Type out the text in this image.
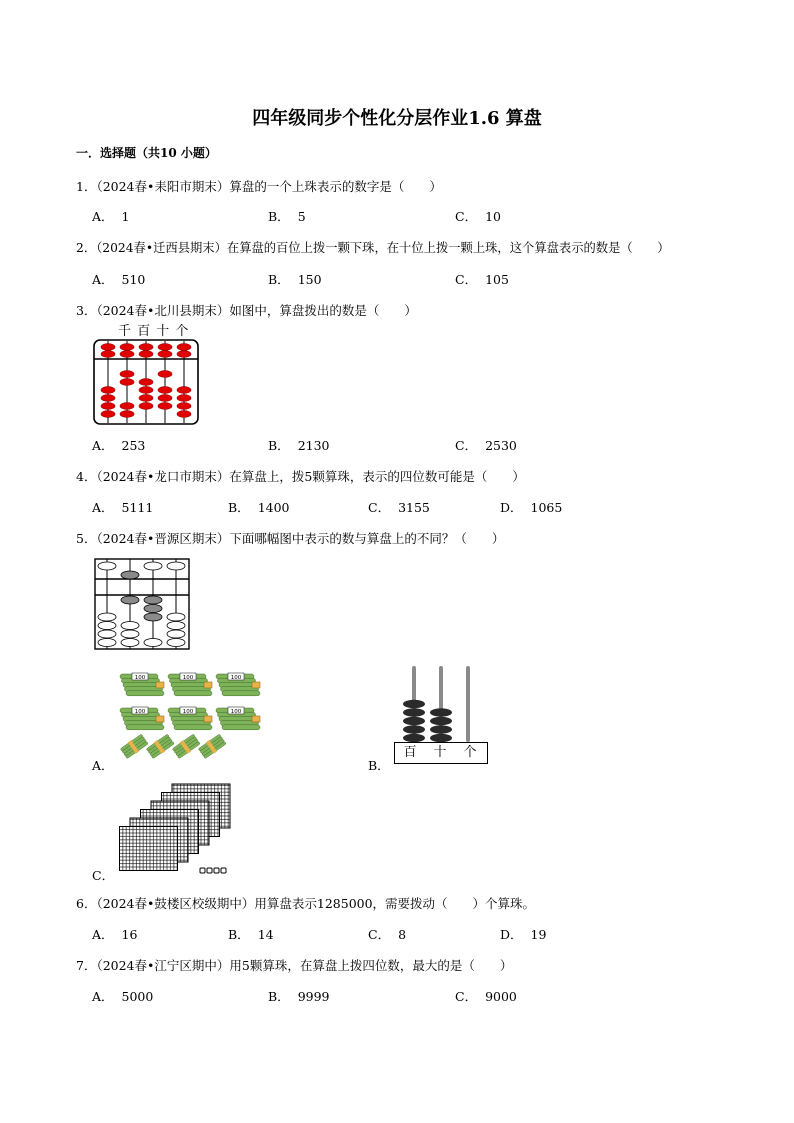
四年级同步个性化分层作业1.6 算盘
一．选择题（共10 小题）
1．（2024春•耒阳市期末）算盘的一个上珠表示的数字是（　　）
A． 1	B． 5	C． 10
2．（2024春•迁西县期末）在算盘的百位上拨一颗下珠，在十位上拨一颗上珠，这个算盘表示的数是（　　）
A． 510	B． 150	C． 105
3．（2024春•北川县期末）如图中，算盘拨出的数是（　　）
千 百 十 个
A． 253	B． 2130	C． 2530
4．（2024春•龙口市期末）在算盘上，拨5颗算珠，表示的四位数可能是（　　）
A． 5111	B． 1400	C． 3155	D． 1065
5．（2024春•晋源区期末）下面哪幅图中表示的数与算盘上的不同？（　　）
A．
100	100	100
100	100	100
B．
百　十　个
C．
6．（2024春•鼓楼区校级期中）用算盘表示1285000，需要拨动（　　）个算珠。
A． 16	B． 14	C． 8	D． 19
7．（2024春•江宁区期中）用5颗算珠，在算盘上拨四位数，最大的是（　　）
A． 5000	B． 9999	C． 9000
